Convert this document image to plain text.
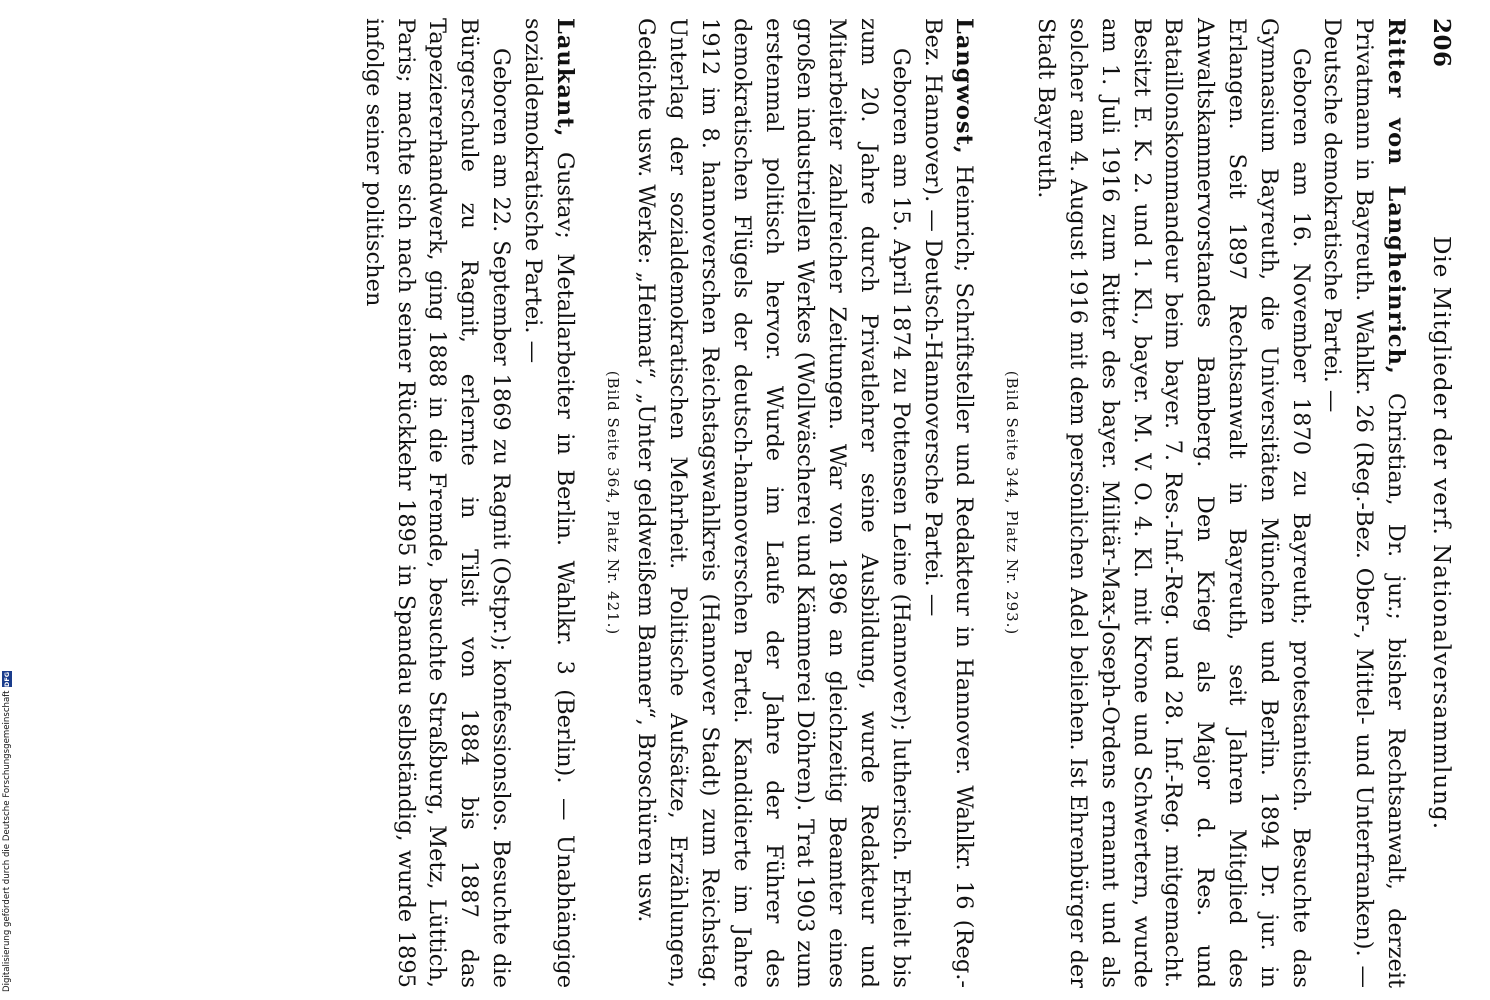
206
Die Mitglieder der verf. Nationalversammlung.

Ritter von Langheinrich, Christian, Dr. jur.; bisher Rechtsanwalt, derzeit Privatmann in Bayreuth. Wahlkr. 26 (Reg.-Bez. Ober-, Mittel- und Unterfranken). — Deutsche demokratische Partei. —

Geboren am 16. November 1870 zu Bayreuth; protestantisch. Besuchte das Gymnasium Bayreuth, die Universitäten München und Berlin. 1894 Dr. jur. in Erlangen. Seit 1897 Rechtsanwalt in Bayreuth, seit Jahren Mitglied des Anwaltskammervorstandes Bamberg. Den Krieg als Major d. Res. und Bataillonskommandeur beim bayer. 7. Res.-Inf.-Reg. und 28. Inf.-Reg. mitgemacht. Besitzt E. K. 2. und 1. Kl., bayer. M. V. O. 4. Kl. mit Krone und Schwertern, wurde am 1. Juli 1916 zum Ritter des bayer. Militär-Max-Joseph-Ordens ernannt und als solcher am 4. August 1916 mit dem persönlichen Adel beliehen. Ist Ehrenbürger der Stadt Bayreuth.

(Bild Seite 344, Platz Nr. 293.)

Langwost, Heinrich; Schriftsteller und Redakteur in Hannover. Wahlkr. 16 (Reg.-Bez. Hannover). — Deutsch-Hannoversche Partei. —

Geboren am 15. April 1874 zu Pottensen Leine (Hannover); lutherisch. Erhielt bis zum 20. Jahre durch Privatlehrer seine Ausbildung, wurde Redakteur und Mitarbeiter zahlreicher Zeitungen. War von 1896 an gleichzeitig Beamter eines großen industriellen Werkes (Wollwäscherei und Kämmerei Döhren). Trat 1903 zum erstenmal politisch hervor. Wurde im Laufe der Jahre der Führer des demokratischen Flügels der deutsch-hannoverschen Partei. Kandidierte im Jahre 1912 im 8. hannoverschen Reichstagswahlkreis (Hannover Stadt) zum Reichstag. Unterlag der sozialdemokratischen Mehrheit. Politische Aufsätze, Erzählungen, Gedichte usw. Werke: „Heimat“, „Unter geldweißem Banner“, Broschüren usw.

(Bild Seite 364, Platz Nr. 421.)

Laukant, Gustav; Metallarbeiter in Berlin. Wahlkr. 3 (Berlin). — Unabhängige sozialdemokratische Partei. —

Geboren am 22. September 1869 zu Ragnit (Ostpr.); konfessionslos. Besuchte die Bürgerschule zu Ragnit, erlernte in Tilsit von 1884 bis 1887 das Tapeziererhandwerk, ging 1888 in die Fremde, besuchte Straßburg, Metz, Lüttich, Paris; machte sich nach seiner Rückkehr 1895 in Spandau selbständig, wurde 1895 infolge seiner politischen

Digitalisierung gefördert durch die Deutsche Forschungsgemeinschaft
DFG
